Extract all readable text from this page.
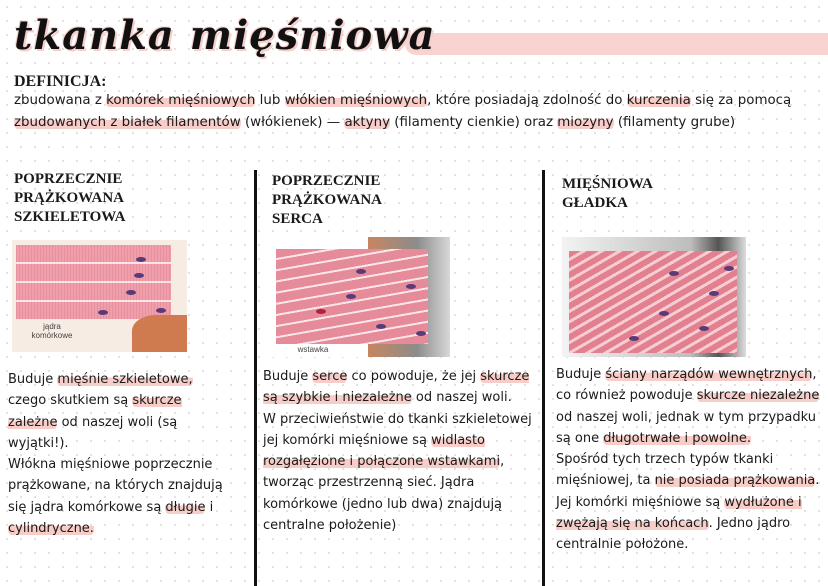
tkanka mięśniowa
DEFINICJA:
zbudowana z komórek mięśniowych lub włókien mięśniowych, które posiadają zdolność do kurczenia się za pomocą zbudowanych z białek filamentów (włókienek) — aktyny (filamenty cienkie) oraz miozyny (filamenty grube)
POPRZECZNIE
PRĄŻKOWANA
SZKIELETOWA
POPRZECZNIE
PRĄŻKOWANA
SERCA
MIĘŚNIOWA
GŁADKA
jądra komórkowe
wstawka
Buduje mięśnie szkieletowe, czego skutkiem są skurcze zależne od naszej woli (są wyjątki!).
Włókna mięśniowe poprzecznie prążkowane, na których znajdują się jądra komórkowe są długie i cylindryczne.
Buduje serce co powoduje, że jej skurcze są szybkie i niezależne od naszej woli.
W przeciwieństwie do tkanki szkieletowej jej komórki mięśniowe są widlasto rozgałęzione i połączone wstawkami, tworząc przestrzenną sieć. Jądra komórkowe (jedno lub dwa) znajdują centralne położenie)
Buduje ściany narządów wewnętrznych, co również powoduje skurcze niezależne od naszej woli, jednak w tym przypadku są one długotrwałe i powolne.
Spośród tych trzech typów tkanki mięśniowej, ta nie posiada prążkowania. Jej komórki mięśniowe są wydłużone i zwężają się na końcach. Jedno jądro centralnie położone.
